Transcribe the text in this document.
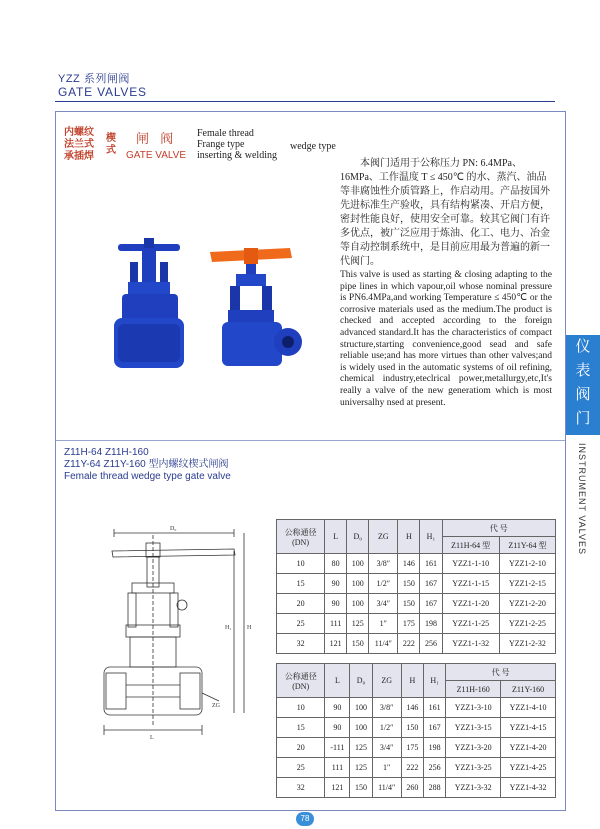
YZZ 系列闸阀
GATE VALVES
内螺纹
法兰式
承插焊
楔式
闸 阀
GATE VALVE
Female thread
Frange type
inserting & welding
wedge type
本阀门适用于公称压力 PN: 6.4MPa、16MPa、工作温度 T ≤ 450℃ 的水、蒸汽、油品等非腐蚀性介质管路上，作启动用。产品按国外先进标准生产验收，具有结构紧凑、开启方便，密封性能良好，使用安全可靠。较其它阀门有许多优点，被广泛应用于炼油、化工、电力、冶金等自动控制系统中，是目前应用最为普遍的新一代阀门。
This valve is used as starting & closing adapting to the pipe lines in which vapour,oil whose nominal pressure is PN6.4MPa,and working Temperature ≤ 450℃ or the corrosive materials used as the medium.The product is checked and accepted according to the foreign advanced standard.It has the characteristics of compact structure,starting convenience,good sead and safe reliable use;and has more virtues than other valves;and is widely used in the automatic systems of oil refining, chemical industry,eteclrical power,metallurgy,etc,It's really a valve of the new generatiom which is most universalhy nsed at present.
仪
表
阀
门
INSTRUMENT VALVES
Z11H-64 Z11H-160
Z11Y-64 Z11Y-160 型内螺纹楔式闸阀
Female thread wedge type gate valve
D₀
H₁	H
ZG
L
公称通径
(DN)	L	D₀	ZG	H	H₁	代 号	
						Z11H-64 型	Z11Y-64 型
10	80	100	3/8″	146	161	YZZ1-1-10	YZZ1-2-10
15	90	100	1/2″	150	167	YZZ1-1-15	YZZ1-2-15
20	90	100	3/4″	150	167	YZZ1-1-20	YZZ1-2-20
25	111	125	1″	175	198	YZZ1-1-25	YZZ1-2-25
32	121	150	11/4″	222	256	YZZ1-1-32	YZZ1-2-32
公称通径
(DN)	L	D₀	ZG	H	H₁	代 号	
						Z11H-160	Z11Y-160
10	90	100	3/8″	146	161	YZZ1-3-10	YZZ1-4-10
15	90	100	1/2″	150	167	YZZ1-3-15	YZZ1-4-15
20	-111	125	3/4″	175	198	YZZ1-3-20	YZZ1-4-20
25	111	125	1″	222	256	YZZ1-3-25	YZZ1-4-25
32	121	150	11/4″	260	288	YZZ1-3-32	YZZ1-4-32
78
